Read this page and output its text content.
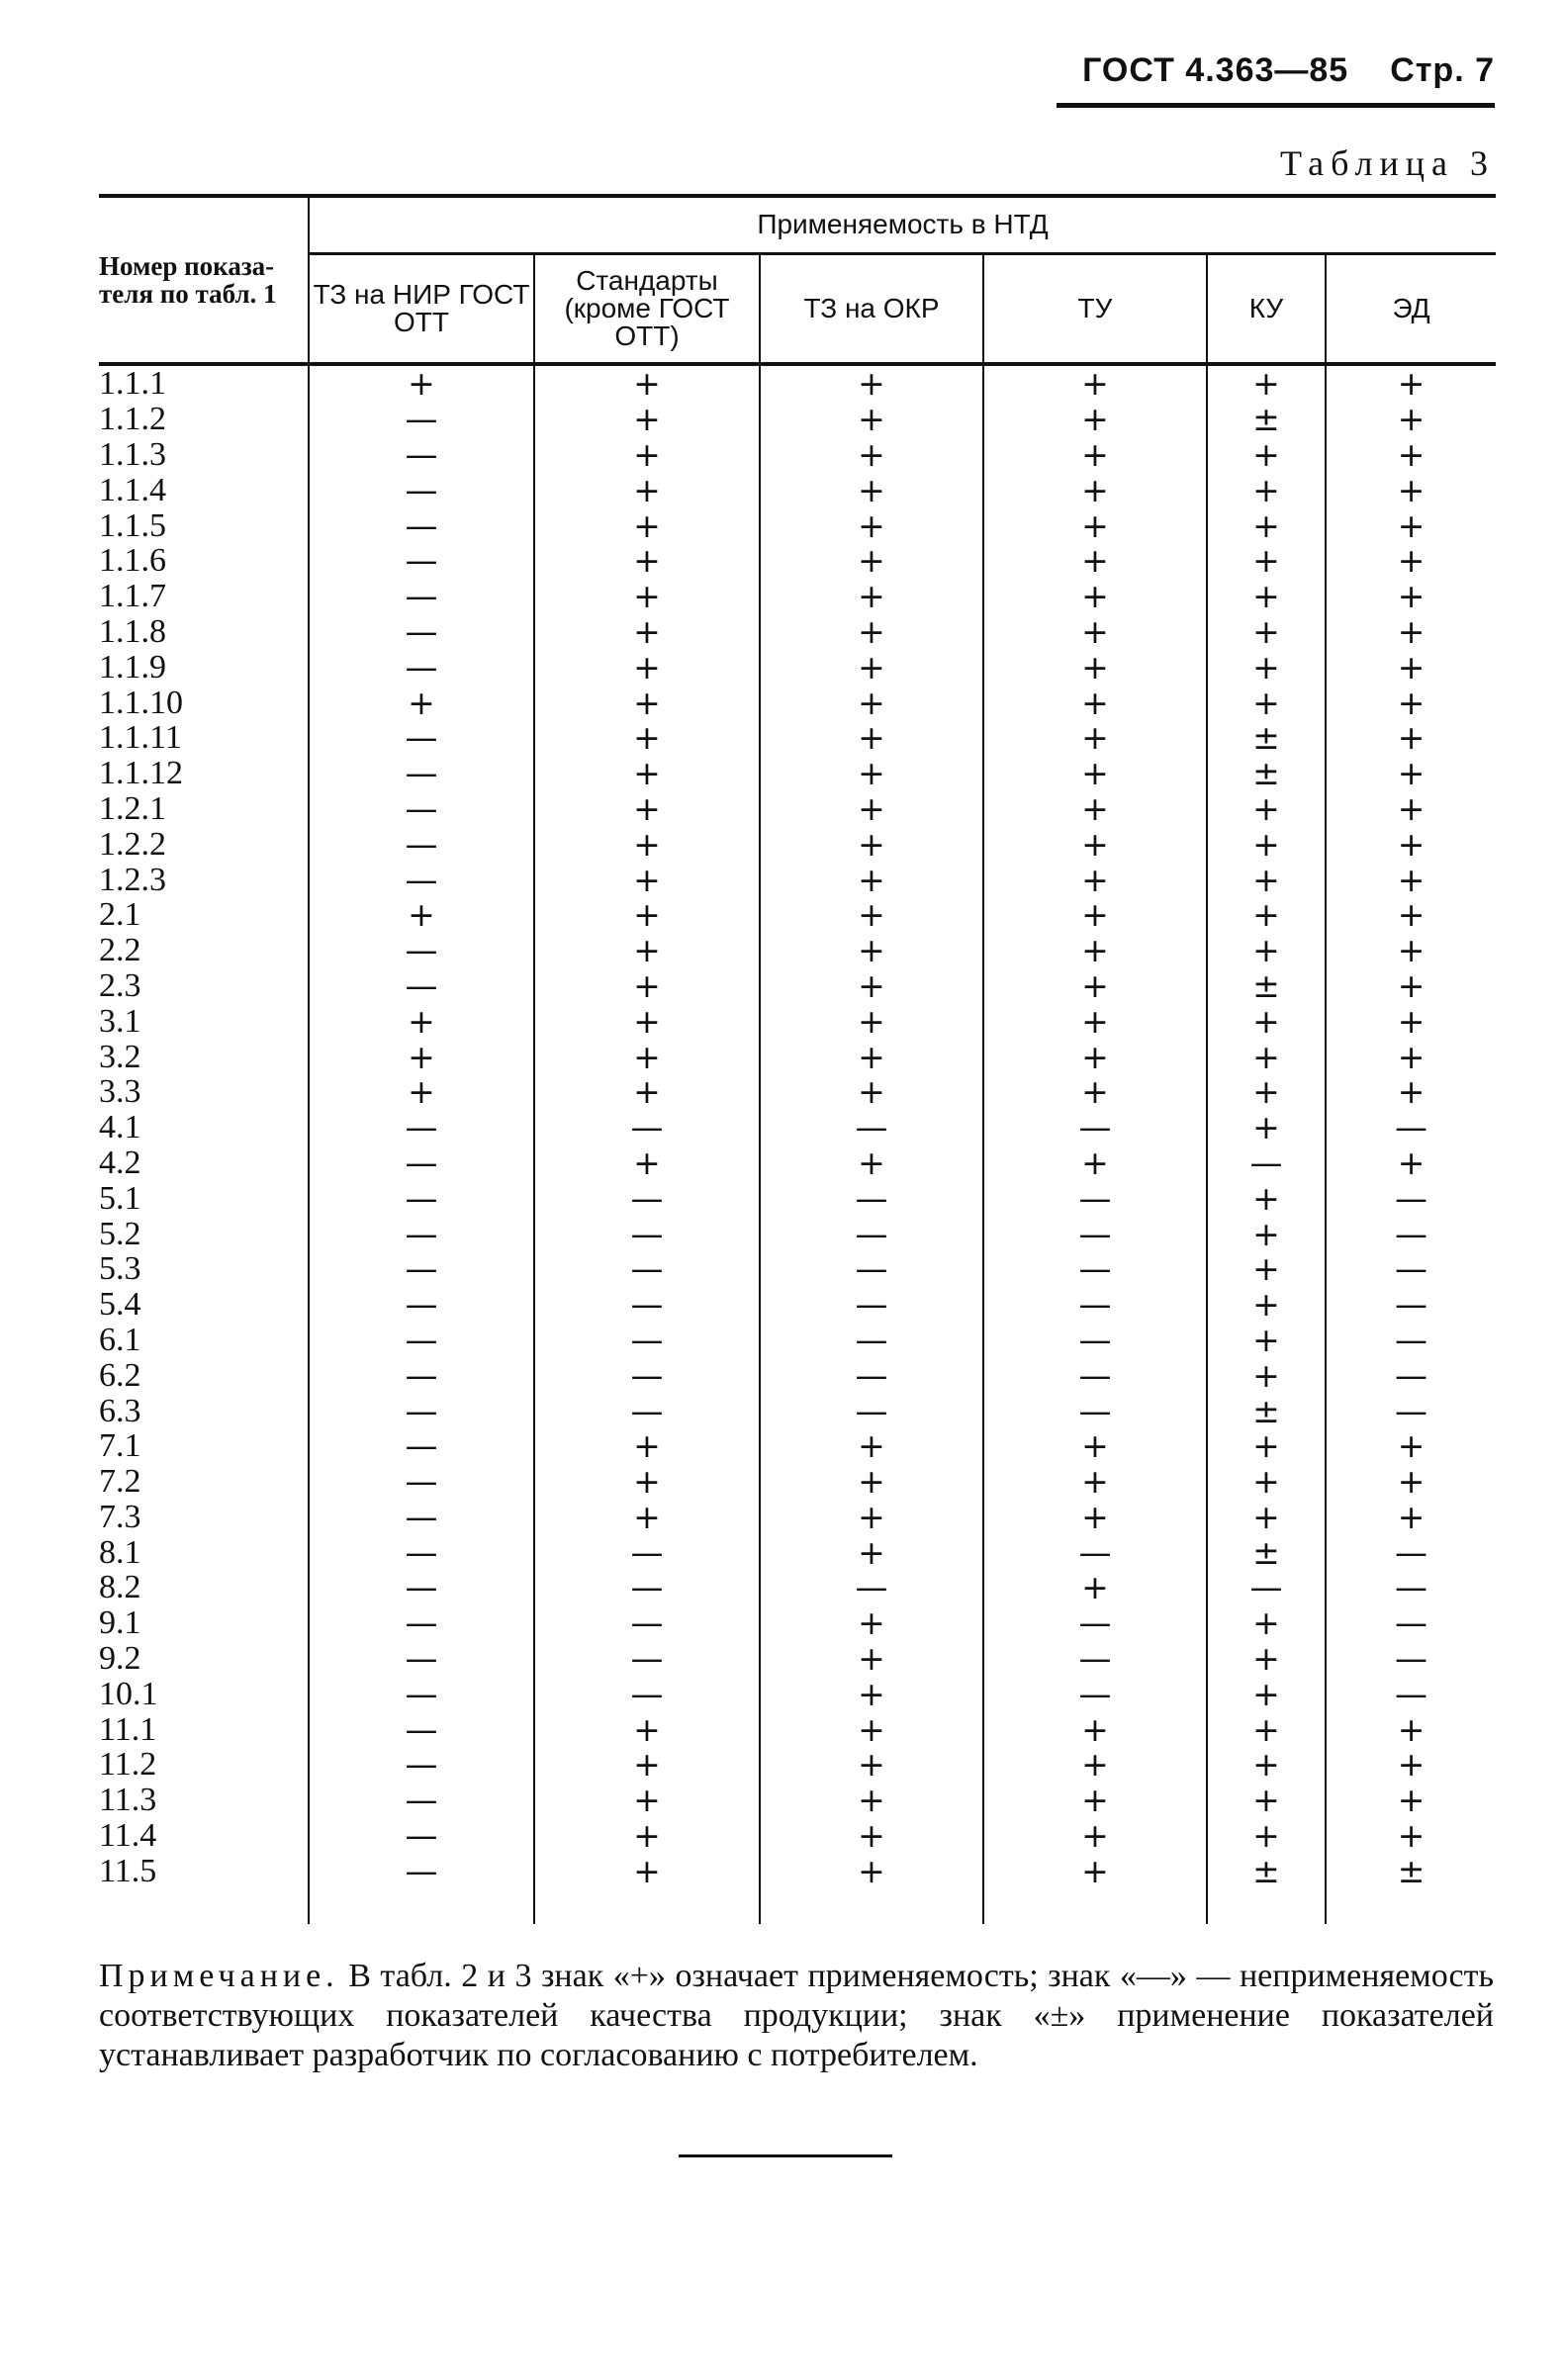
ГОСТ 4.363—85 Стр. 7
Таблица 3
Номер показа-теля по табл. 1	Применяемость в НТД					
	ТЗ на НИР ГОСТ ОТТ	Стандарты (кроме ГОСТ ОТТ)	ТЗ на ОКР	ТУ	КУ	ЭД
1.1.1	+	+	+	+	+	+
1.1.2	—	+	+	+	±	+
1.1.3	—	+	+	+	+	+
1.1.4	—	+	+	+	+	+
1.1.5	—	+	+	+	+	+
1.1.6	—	+	+	+	+	+
1.1.7	—	+	+	+	+	+
1.1.8	—	+	+	+	+	+
1.1.9	—	+	+	+	+	+
1.1.10	+	+	+	+	+	+
1.1.11	—	+	+	+	±	+
1.1.12	—	+	+	+	±	+
1.2.1	—	+	+	+	+	+
1.2.2	—	+	+	+	+	+
1.2.3	—	+	+	+	+	+
2.1	+	+	+	+	+	+
2.2	—	+	+	+	+	+
2.3	—	+	+	+	±	+
3.1	+	+	+	+	+	+
3.2	+	+	+	+	+	+
3.3	+	+	+	+	+	+
4.1	—	—	—	—	+	—
4.2	—	+	+	+	—	+
5.1	—	—	—	—	+	—
5.2	—	—	—	—	+	—
5.3	—	—	—	—	+	—
5.4	—	—	—	—	+	—
6.1	—	—	—	—	+	—
6.2	—	—	—	—	+	—
6.3	—	—	—	—	±	—
7.1	—	+	+	+	+	+
7.2	—	+	+	+	+	+
7.3	—	+	+	+	+	+
8.1	—	—	+	—	±	—
8.2	—	—	—	+	—	—
9.1	—	—	+	—	+	—
9.2	—	—	+	—	+	—
10.1	—	—	+	—	+	—
11.1	—	+	+	+	+	+
11.2	—	+	+	+	+	+
11.3	—	+	+	+	+	+
11.4	—	+	+	+	+	+
11.5	—	+	+	+	±	±

Примечание. В табл. 2 и 3 знак «+» означает применяемость; знак «—» — неприменяемость соответствующих показателей качества продукции; знак «±» применение показателей устанавливает разработчик по согласованию с потребителем.
